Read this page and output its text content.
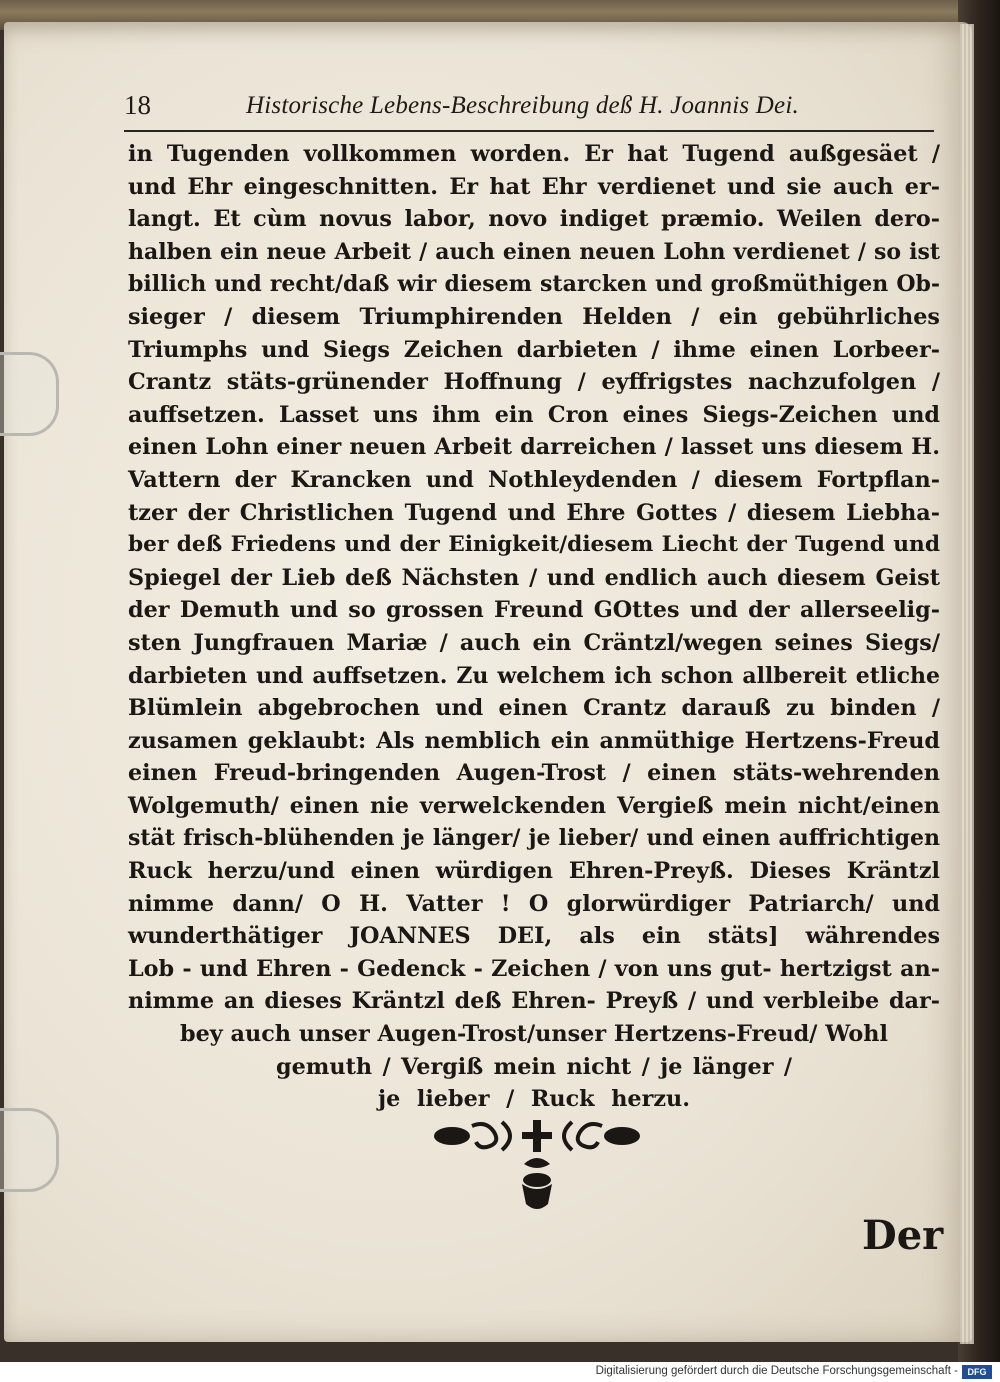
18	Historische Lebens-Beschreibung deß H. Joannis Dei.
in Tugenden vollkommen worden. Er hat Tugend außgesäet /
und Ehr eingeschnitten. Er hat Ehr verdienet und sie auch er-
langt. Et cùm novus labor, novo indiget præmio. Weilen dero-
halben ein neue Arbeit / auch einen neuen Lohn verdienet / so ist
billich und recht/daß wir diesem starcken und großmüthigen Ob-
sieger / diesem Triumphirenden Helden / ein gebührliches
Triumphs und Siegs Zeichen darbieten / ihme einen Lorbeer-
Crantz stäts-grünender Hoffnung / eyffrigstes nachzufolgen /
auffsetzen. Lasset uns ihm ein Cron eines Siegs-Zeichen und
einen Lohn einer neuen Arbeit darreichen / lasset uns diesem H.
Vattern der Krancken und Nothleydenden / diesem Fortpflan-
tzer der Christlichen Tugend und Ehre Gottes / diesem Liebha-
ber deß Friedens und der Einigkeit/diesem Liecht der Tugend und
Spiegel der Lieb deß Nächsten / und endlich auch diesem Geist
der Demuth und so grossen Freund GOttes und der allerseelig-
sten Jungfrauen Mariæ / auch ein Cräntzl/wegen seines Siegs/
darbieten und auffsetzen. Zu welchem ich schon allbereit etliche
Blümlein abgebrochen und einen Crantz darauß zu binden /
zusamen geklaubt: Als nemblich ein anmüthige Hertzens-Freud
einen Freud-bringenden Augen-Trost / einen stäts-wehrenden
Wolgemuth/ einen nie verwelckenden Vergieß mein nicht/einen
stät frisch-blühenden je länger/ je lieber/ und einen auffrichtigen
Ruck herzu/und einen würdigen Ehren-Preyß. Dieses Kräntzl
nimme dann/ O H. Vatter ! O glorwürdiger Patriarch/ und
wunderthätiger JOANNES DEI, als ein stäts] währendes
Lob - und Ehren - Gedenck - Zeichen / von uns gut- hertzigst an-
nimme an dieses Kräntzl deß Ehren- Preyß / und verbleibe dar-
bey auch unser Augen-Trost/unser Hertzens-Freud/ Wohl
gemuth / Vergiß mein nicht / je länger /
je lieber / Ruck herzu.
Der
Digitalisierung gefördert durch die Deutsche Forschungsgemeinschaft -	DFG
